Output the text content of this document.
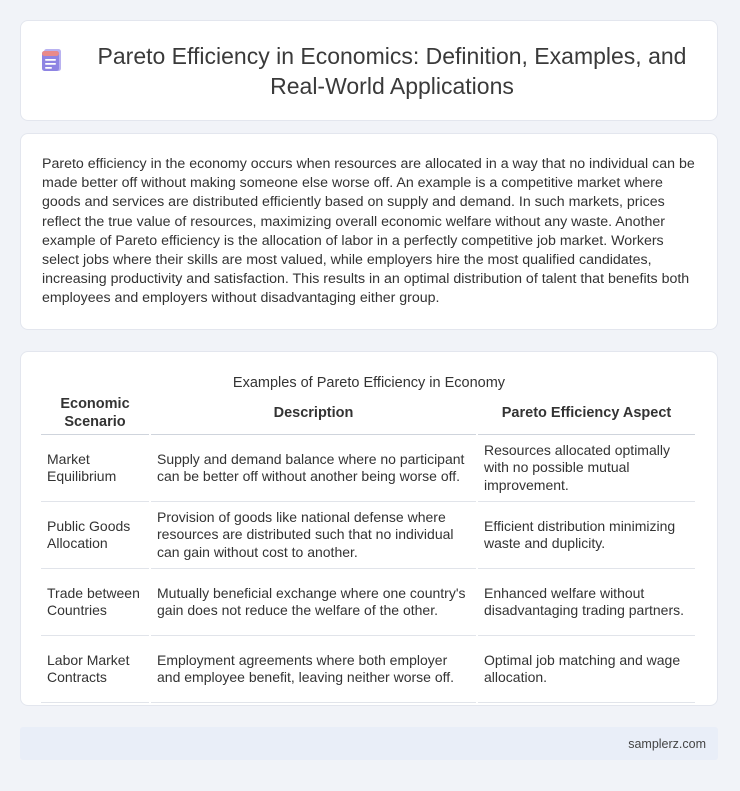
Pareto Efficiency in Economics: Definition, Examples, and Real-World Applications

Pareto efficiency in the economy occurs when resources are allocated in a way that no individual can be made better off without making someone else worse off. An example is a competitive market where goods and services are distributed efficiently based on supply and demand. In such markets, prices reflect the true value of resources, maximizing overall economic welfare without any waste. Another example of Pareto efficiency is the allocation of labor in a perfectly competitive job market. Workers select jobs where their skills are most valued, while employers hire the most qualified candidates, increasing productivity and satisfaction. This results in an optimal distribution of talent that benefits both employees and employers without disadvantaging either group.

Examples of Pareto Efficiency in Economy
Economic Scenario	Description	Pareto Efficiency Aspect
Market Equilibrium	Supply and demand balance where no participant can be better off without another being worse off.	Resources allocated optimally with no possible mutual improvement.
Public Goods Allocation	Provision of goods like national defense where resources are distributed such that no individual can gain without cost to another.	Efficient distribution minimizing waste and duplicity.
Trade between Countries	Mutually beneficial exchange where one country's gain does not reduce the welfare of the other.	Enhanced welfare without disadvantaging trading partners.
Labor Market Contracts	Employment agreements where both employer and employee benefit, leaving neither worse off.	Optimal job matching and wage allocation.
samplerz.com
